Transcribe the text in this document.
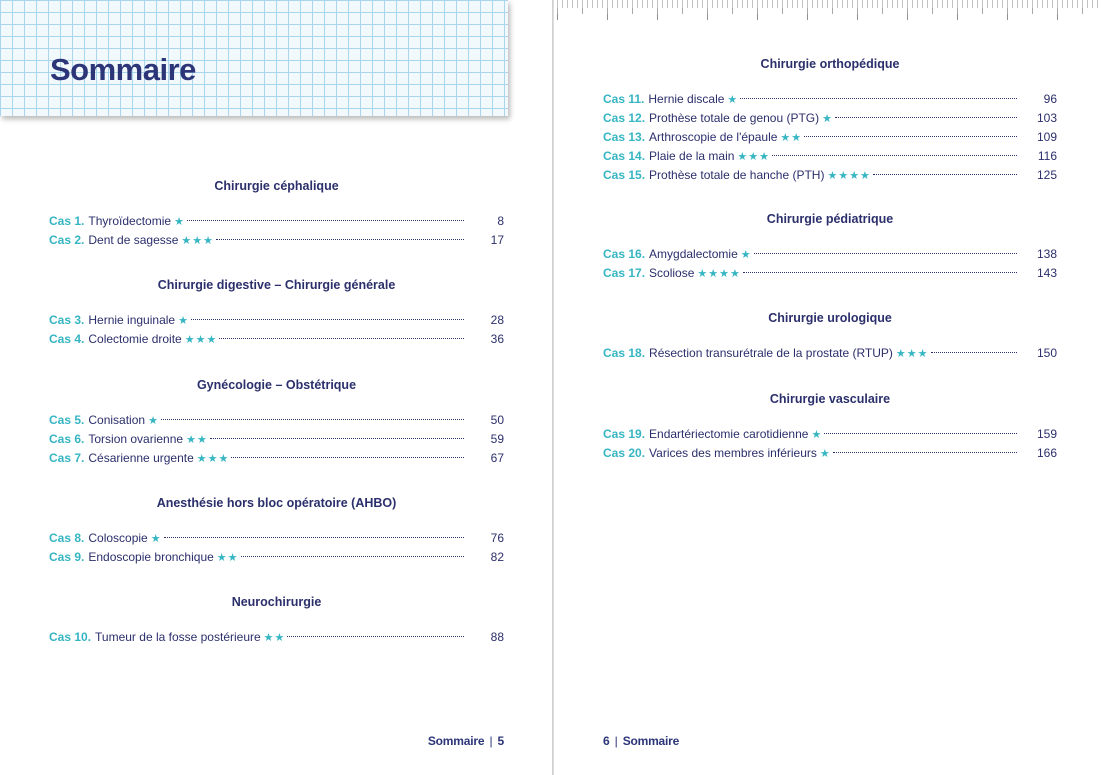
Sommaire
Chirurgie céphalique
Cas 1. Thyroïdectomie ★	8
Cas 2. Dent de sagesse ★★★	17
Chirurgie digestive – Chirurgie générale
Cas 3. Hernie inguinale ★	28
Cas 4. Colectomie droite ★★★	36
Gynécologie – Obstétrique
Cas 5. Conisation ★	50
Cas 6. Torsion ovarienne ★★	59
Cas 7. Césarienne urgente ★★★	67
Anesthésie hors bloc opératoire (AHBO)
Cas 8. Coloscopie ★	76
Cas 9. Endoscopie bronchique ★★	82
Neurochirurgie
Cas 10. Tumeur de la fosse postérieure ★★	88
Sommaire | 5
Chirurgie orthopédique
Cas 11. Hernie discale ★	96
Cas 12. Prothèse totale de genou (PTG) ★	103
Cas 13. Arthroscopie de l'épaule ★★	109
Cas 14. Plaie de la main ★★★	116
Cas 15. Prothèse totale de hanche (PTH) ★★★★	125
Chirurgie pédiatrique
Cas 16. Amygdalectomie ★	138
Cas 17. Scoliose ★★★★	143
Chirurgie urologique
Cas 18. Résection transurétrale de la prostate (RTUP) ★★★	150
Chirurgie vasculaire
Cas 19. Endartériectomie carotidienne ★	159
Cas 20. Varices des membres inférieurs ★	166
6 | Sommaire
